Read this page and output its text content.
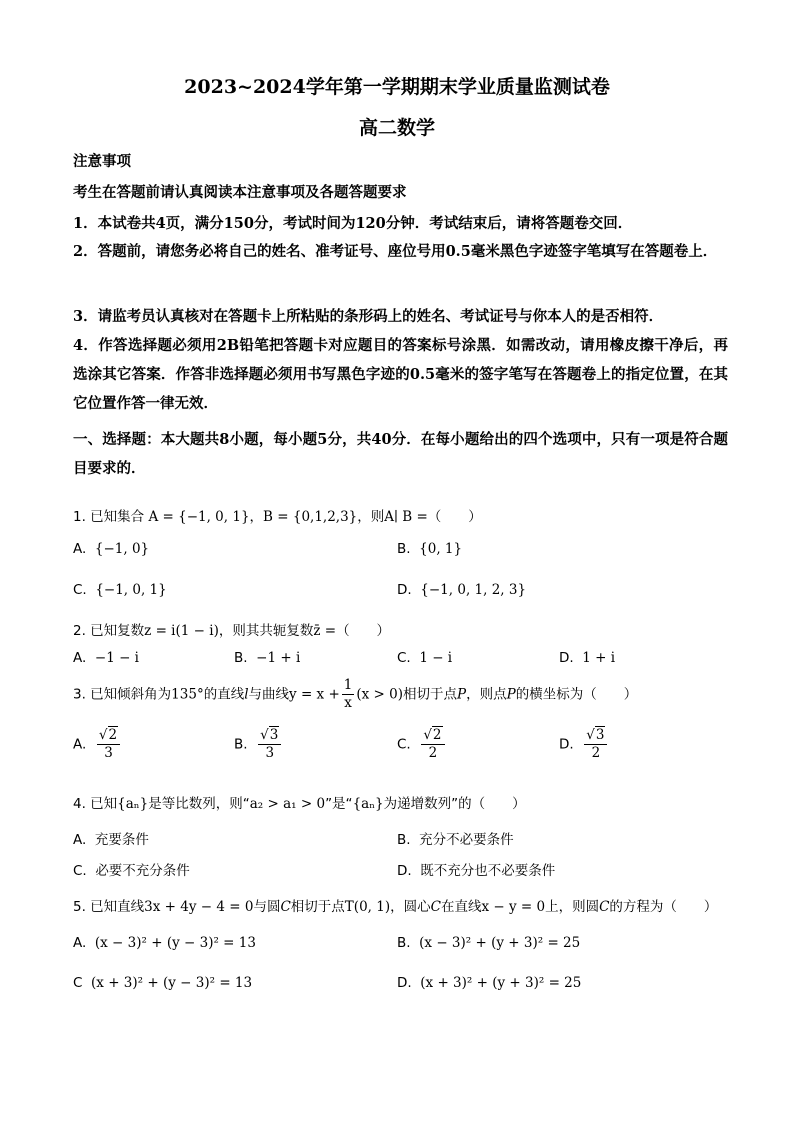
2023~2024学年第一学期期末学业质量监测试卷
高二数学
注意事项
考生在答题前请认真阅读本注意事项及各题答题要求
1．本试卷共4页，满分150分，考试时间为120分钟．考试结束后，请将答题卷交回．
2．答题前，请您务必将自己的姓名、准考证号、座位号用0.5毫米黑色字迹签字笔填写在答题卷上．
3．请监考员认真核对在答题卡上所粘贴的条形码上的姓名、考试证号与你本人的是否相符．
4．作答选择题必须用2B铅笔把答题卡对应题目的答案标号涂黑．如需改动，请用橡皮擦干净后，再选涂其它答案．作答非选择题必须用书写黑色字迹的0.5毫米的签字笔写在答题卷上的指定位置，在其它位置作答一律无效．
一、选择题：本大题共8小题，每小题5分，共40分．在每小题给出的四个选项中，只有一项是符合题目要求的．
1. 已知集合 A = {−1, 0, 1}，B = {0,1,2,3}，则A∣ B =（　　）
A. {−1, 0}	B. {0, 1}
C. {−1, 0, 1}	D. {−1, 0, 1, 2, 3}
2. 已知复数z = i(1 − i)，则其共轭复数z̄ =（　　）
A. −1 − i	B. −1 + i	C. 1 − i	D. 1 + i
3. 已知倾斜角为135°的直线l与曲线$y = x + \frac{1}{x} (x > 0)$相切于点P，则点P的横坐标为（　　）
A. $\frac{√2}{3}$	B. $\frac{√3}{3}$	C. $\frac{√2}{2}$	D. $\frac{√3}{2}$
4. 已知{aₙ}是等比数列，则“a₂ > a₁ > 0”是“{aₙ}为递增数列”的（　　）
A. 充要条件	B. 充分不必要条件
C. 必要不充分条件	D. 既不充分也不必要条件
5. 已知直线3x + 4y − 4 = 0与圆C相切于点T(0, 1)，圆心C在直线x − y = 0上，则圆C的方程为（　　）
A. (x − 3)² + (y − 3)² = 13	B. (x − 3)² + (y + 3)² = 25
C (x + 3)² + (y − 3)² = 13	D. (x + 3)² + (y + 3)² = 25
